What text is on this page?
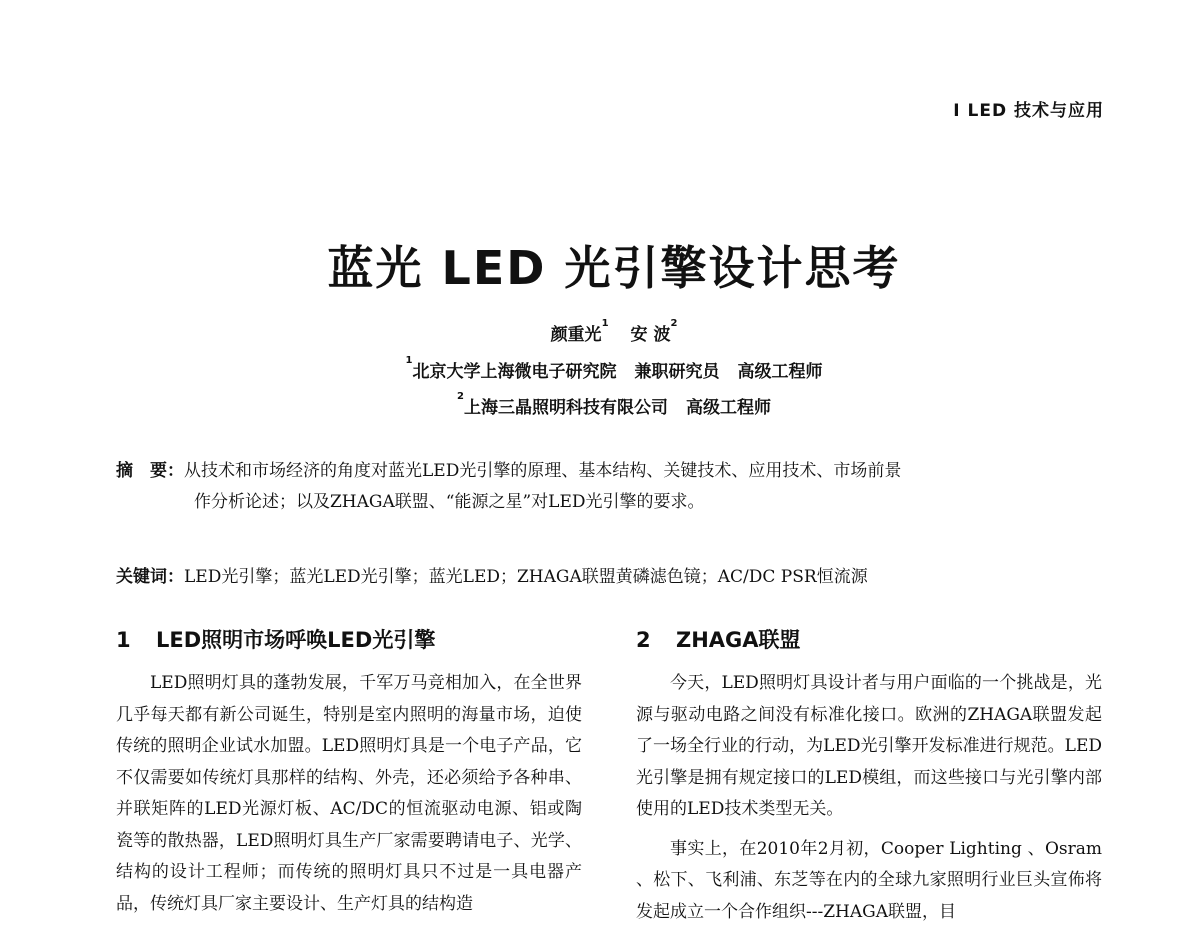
I LED 技术与应用
蓝光 LED 光引擎设计思考
颜重光$^1$安 波$^2$
$^1$北京大学上海微电子研究院 兼职研究员 高级工程师
$^2$上海三晶照明科技有限公司 高级工程师
摘　要：从技术和市场经济的角度对蓝光LED光引擎的原理、基本结构、关键技术、应用技术、市场前景
作分析论述；以及ZHAGA联盟、“能源之星”对LED光引擎的要求。
关键词：LED光引擎；蓝光LED光引擎；蓝光LED；ZHAGA联盟黄磷滤色镜；AC/DC PSR恒流源
1 LED照明市场呼唤LED光引擎

LED照明灯具的蓬勃发展，千军万马竞相加入，在全世界几乎每天都有新公司诞生，特别是室内照明的海量市场，迫使传统的照明企业试水加盟。LED照明灯具是一个电子产品，它不仅需要如传统灯具那样的结构、外壳，还必须给予各种串、并联矩阵的LED光源灯板、AC/DC的恒流驱动电源、铝或陶瓷等的散热器，LED照明灯具生产厂家需要聘请电子、光学、结构的设计工程师；而传统的照明灯具只不过是一具电器产品，传统灯具厂家主要设计、生产灯具的结构造

2 ZHAGA联盟

今天，LED照明灯具设计者与用户面临的一个挑战是，光源与驱动电路之间没有标准化接口。欧洲的ZHAGA联盟发起了一场全行业的行动，为LED光引擎开发标准进行规范。LED光引擎是拥有规定接口的LED模组，而这些接口与光引擎内部使用的LED技术类型无关。

事实上，在2010年2月初，Cooper Lighting 、Osram 、松下、飞利浦、东芝等在内的全球九家照明行业巨头宣佈将发起成立一个合作组织---ZHAGA联盟，目
